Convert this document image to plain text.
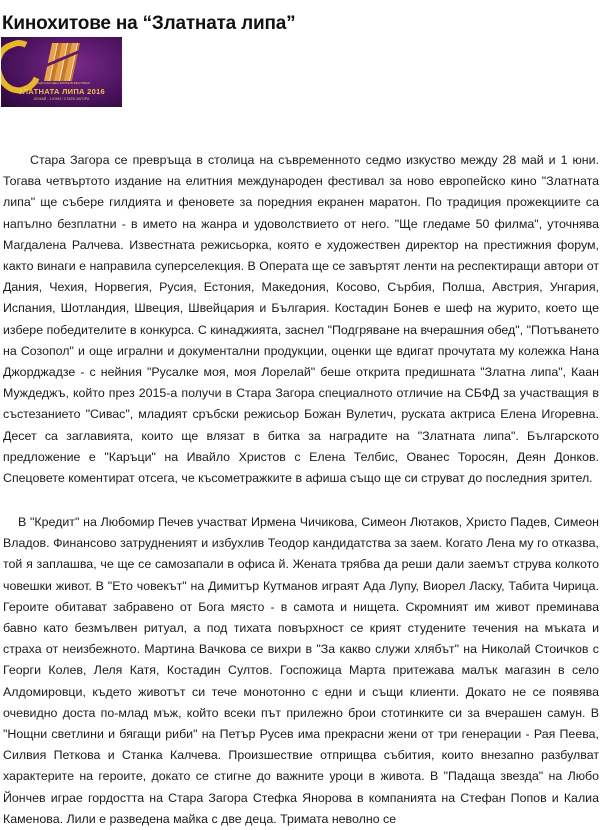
Кинохитове на “Златната липа”
МЕЖДУНАРОДЕН ФИЛМОВ ФЕСТИВАЛ
ЗЛАТНАТА ЛИПА 2016
28 МАЙ - 1 ЮНИ / СТАРА ЗАГОРА

Стара Загора се превръща в столица на съвременното седмо изкуство между 28 май и 1 юни. Тогава четвъртото издание на елитния международен фестивал за ново европейско кино "Златната липа" ще събере гилдията и феновете за поредния екранен маратон. По традиция прожекциите са напълно безплатни - в името на жанра и удоволствието от него. "Ще гледаме 50 филма", уточнява Магдалена Ралчева. Известната режисьорка, която е художествен директор на престижния форум, както винаги е направила суперселекция. В Операта ще се завъртят ленти на респектиращи автори от Дания, Чехия, Норвегия, Русия, Естония, Македония, Косово, Сърбия, Полша, Австрия, Унгария, Испания, Шотландия, Швеция, Швейцария и България. Костадин Бонев е шеф на журито, което ще избере победителите в конкурса. С кинаджията, заснел "Подгряване на вчерашния обед", "Потъването на Созопол" и още игрални и документални продукции, оценки ще вдигат прочутата му колежка Нана Джорджадзе - с нейния "Русалке моя, моя Лорелай" беше открита предишната "Златна липа", Каан Муждеджъ, който през 2015-а получи в Стара Загора специалното отличие на СБФД за участващия в състезанието "Сивас", младият сръбски режисьор Божан Вулетич, руската актриса Елена Игоревна. Десет са заглавията, които ще влязат в битка за наградите на "Златната липа". Българското предложение е "Каръци" на Ивайло Христов с Елена Телбис, Ованес Торосян, Деян Донков. Спецовете коментират отсега, че късометражките в афиша също ще си струват до последния зрител.

В "Кредит" на Любомир Печев участват Ирмена Чичикова, Симеон Лютаков, Христо Падев, Симеон Владов. Финансово затрудненият и избухлив Теодор кандидатства за заем. Когато Лена му го отказва, той я заплашва, че ще се самозапали в офиса й. Жената трябва да реши дали заемът струва колкото човешки живот. В "Ето човекът" на Димитър Кутманов играят Ада Лупу, Виорел Ласку, Табита Чирица. Героите обитават забравено от Бога място - в самота и нищета. Скромният им живот преминава бавно като безмълвен ритуал, а под тихата повърхност се крият студените течения на мъката и страха от неизбежното. Мартина Вачкова се вихри в "За какво служи хлябът" на Николай Стоичков с Георги Колев, Леля Катя, Костадин Султов. Госпожица Марта притежава малък магазин в село Алдомировци, където животът си тече монотонно с едни и същи клиенти. Докато не се появява очевидно доста по-млад мъж, който всеки път прилежно брои стотинките си за вчерашен самун. В "Нощни светлини и бягащи риби" на Петър Русев има прекрасни жени от три генерации - Рая Пеева, Силвия Петкова и Станка Калчева. Произшествие отприщва събития, които внезапно разбулват характерите на героите, докато се стигне до важните уроци в живота. В "Падаща звезда" на Любо Йончев играе гордостта на Стара Загора Стефка Янорова в компанията на Стефан Попов и Калиа Каменова. Лили е разведена майка с две деца. Тримата неволно се
